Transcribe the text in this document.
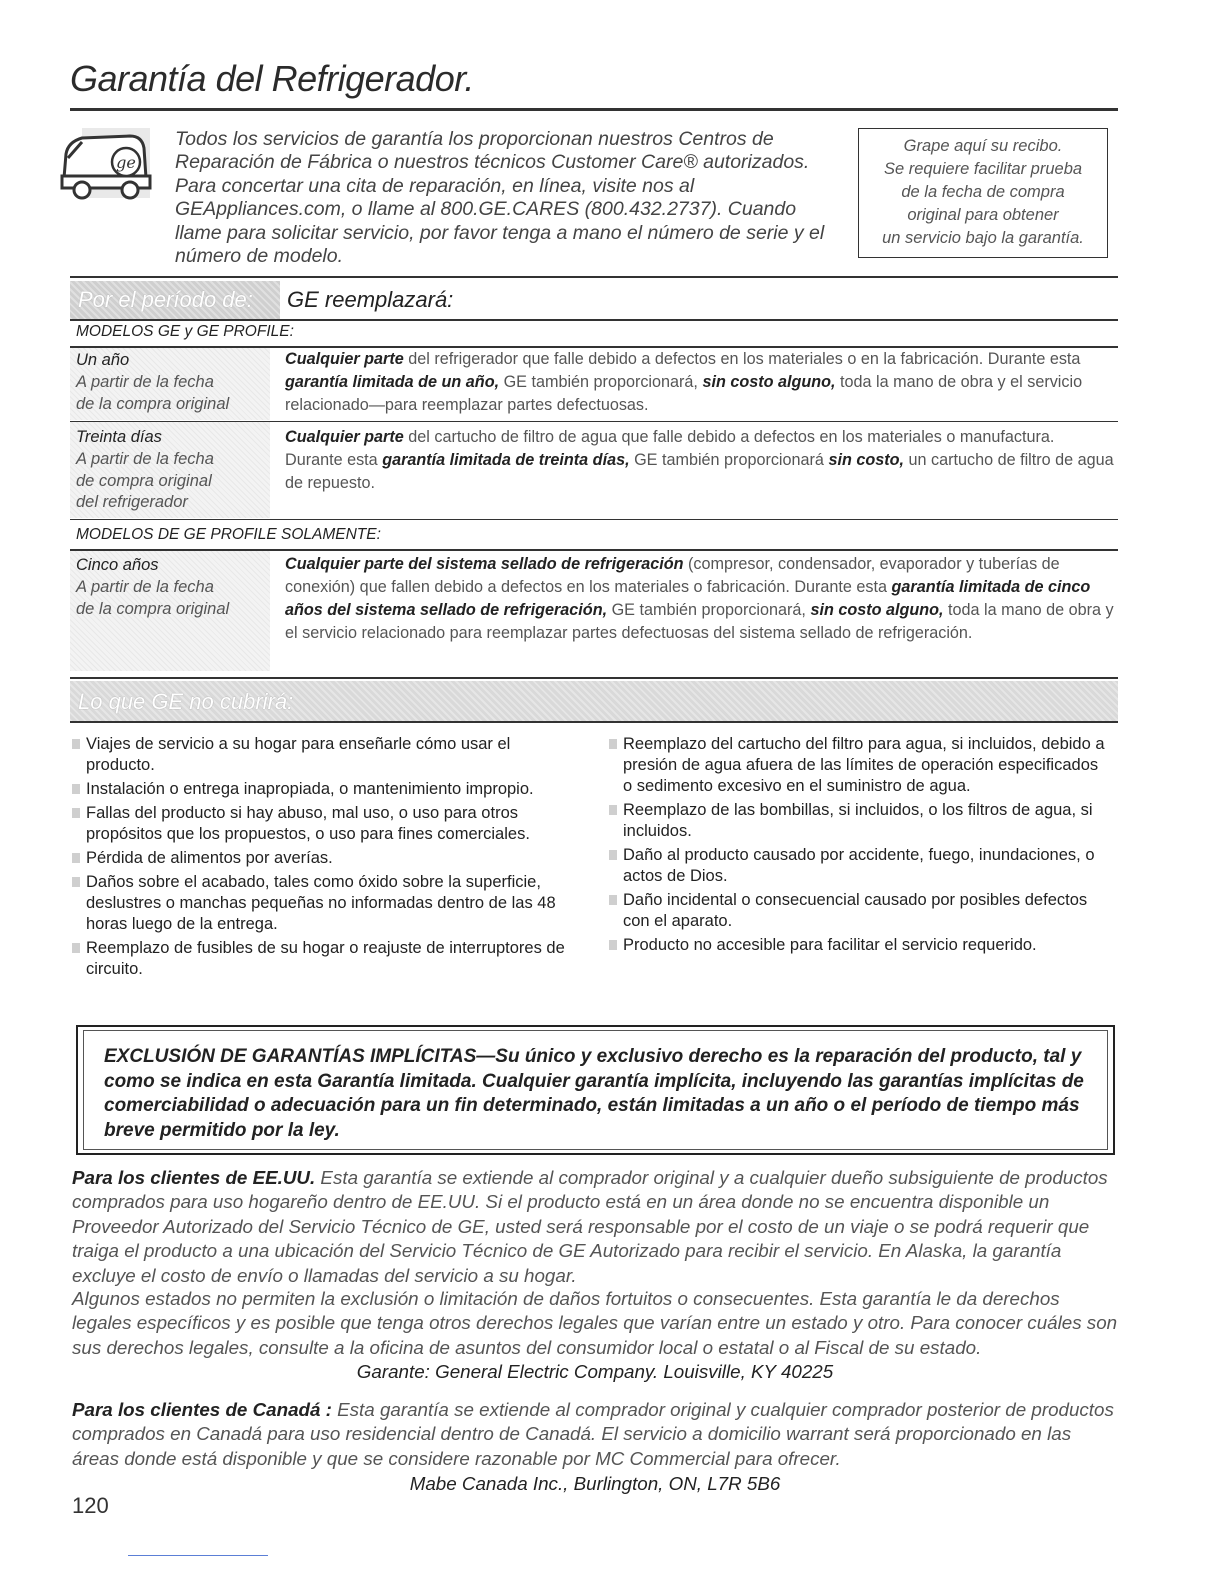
Garantía del Refrigerador.
ge
Todos los servicios de garantía los proporcionan nuestros Centros de Reparación de Fábrica o nuestros técnicos Customer Care® autorizados. Para concertar una cita de reparación, en línea, visite nos al GEAppliances.com, o llame al 800.GE.CARES (800.432.2737). Cuando llame para solicitar servicio, por favor tenga a mano el número de serie y el número de modelo.
Grape aquí su recibo.
Se requiere facilitar prueba
de la fecha de compra
original para obtener
un servicio bajo la garantía.
Por el período de: GE reemplazará:
MODELOS GE y GE PROFILE:
Un año
A partir de la fecha
de la compra original
Cualquier parte del refrigerador que falle debido a defectos en los materiales o en la fabricación. Durante esta garantía limitada de un año, GE también proporcionará, sin costo alguno, toda la mano de obra y el servicio relacionado—para reemplazar partes defectuosas.
Treinta días
A partir de la fecha
de compra original
del refrigerador
Cualquier parte del cartucho de filtro de agua que falle debido a defectos en los materiales o manufactura. Durante esta garantía limitada de treinta días, GE también proporcionará sin costo, un cartucho de filtro de agua de repuesto.
MODELOS DE GE PROFILE SOLAMENTE:
Cinco años
A partir de la fecha
de la compra original
Cualquier parte del sistema sellado de refrigeración (compresor, condensador, evaporador y tuberías de conexión) que fallen debido a defectos en los materiales o fabricación. Durante esta garantía limitada de cinco años del sistema sellado de refrigeración, GE también proporcionará, sin costo alguno, toda la mano de obra y el servicio relacionado para reemplazar partes defectuosas del sistema sellado de refrigeración.
Lo que GE no cubrirá:
Viajes de servicio a su hogar para enseñarle cómo usar el producto.
Instalación o entrega inapropiada, o mantenimiento impropio.
Fallas del producto si hay abuso, mal uso, o uso para otros propósitos que los propuestos, o uso para fines comerciales.
Pérdida de alimentos por averías.
Daños sobre el acabado, tales como óxido sobre la superficie, deslustres o manchas pequeñas no informadas dentro de las 48 horas luego de la entrega.
Reemplazo de fusibles de su hogar o reajuste de interruptores de circuito.
Reemplazo del cartucho del filtro para agua, si incluidos, debido a presión de agua afuera de las límites de operación especificados o sedimento excesivo en el suministro de agua.
Reemplazo de las bombillas, si incluidos, o los filtros de agua, si incluidos.
Daño al producto causado por accidente, fuego, inundaciones, o actos de Dios.
Daño incidental o consecuencial causado por posibles defectos con el aparato.
Producto no accesible para facilitar el servicio requerido.
EXCLUSIÓN DE GARANTÍAS IMPLÍCITAS—Su único y exclusivo derecho es la reparación del producto, tal y como se indica en esta Garantía limitada. Cualquier garantía implícita, incluyendo las garantías implícitas de comerciabilidad o adecuación para un fin determinado, están limitadas a un año o el período de tiempo más breve permitido por la ley.
Para los clientes de EE.UU. Esta garantía se extiende al comprador original y a cualquier dueño subsiguiente de productos comprados para uso hogareño dentro de EE.UU. Si el producto está en un área donde no se encuentra disponible un Proveedor Autorizado del Servicio Técnico de GE, usted será responsable por el costo de un viaje o se podrá requerir que traiga el producto a una ubicación del Servicio Técnico de GE Autorizado para recibir el servicio. En Alaska, la garantía excluye el costo de envío o llamadas del servicio a su hogar.
Algunos estados no permiten la exclusión o limitación de daños fortuitos o consecuentes. Esta garantía le da derechos legales específicos y es posible que tenga otros derechos legales que varían entre un estado y otro. Para conocer cuáles son sus derechos legales, consulte a la oficina de asuntos del consumidor local o estatal o al Fiscal de su estado.
Garante: General Electric Company. Louisville, KY 40225
Para los clientes de Canadá : Esta garantía se extiende al comprador original y cualquier comprador posterior de productos comprados en Canadá para uso residencial dentro de Canadá. El servicio a domicilio warrant será proporcionado en las áreas donde está disponible y que se considere razonable por MC Commercial para ofrecer.
Mabe Canada Inc., Burlington, ON, L7R 5B6
120
